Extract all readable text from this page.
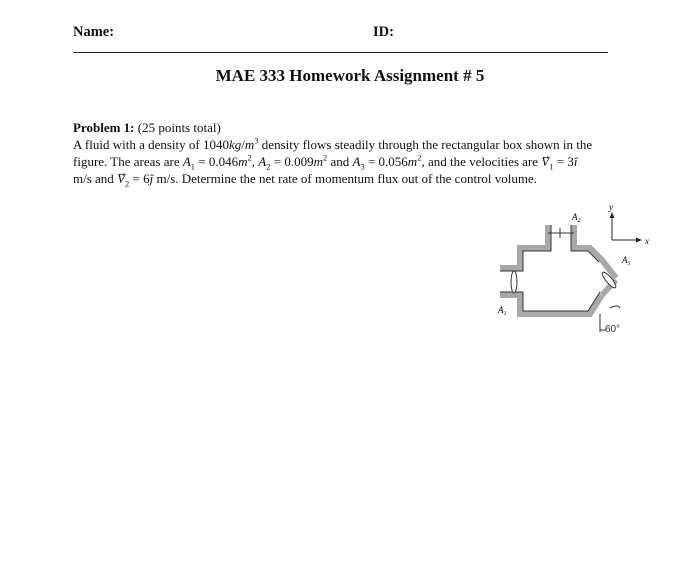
Name:	ID:
MAE 333 Homework Assignment # 5
Problem 1: (25 points total)
A fluid with a density of $1040kg/m^3$ density flows steadily through the rectangular box shown in the
figure. The areas are $A_1 = 0.046m^2$, $A_2 = 0.009m^2$ and $A_3 = 0.056m^2$, and the velocities are $V_1$ = 3î
m/s and $V_2$ = 6ĵ m/s. Determine the net rate of momentum flux out of the control volume.
y
x
$A_2$
$A_3$
$A_1$
60°
